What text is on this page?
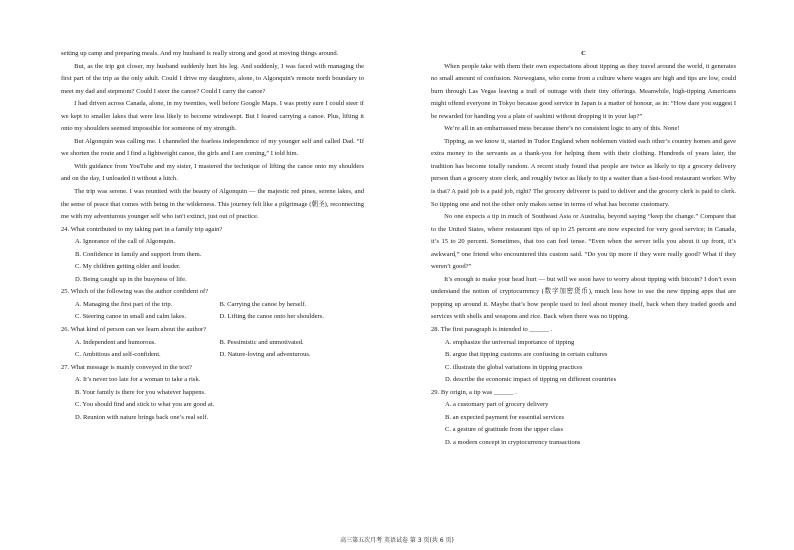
setting up camp and preparing meals. And my husband is really strong and good at moving things around.

But, as the trip got closer, my husband suddenly hurt his leg. And suddenly, I was faced with managing the first part of the trip as the only adult. Could I drive my daughters, alone, to Algonquin's remote north boundary to meet my dad and stepmom? Could I steer the canoe? Could I carry the canoe?

I had driven across Canada, alone, in my twenties, well before Google Maps. I was pretty sure I could steer if we kept to smaller lakes that were less likely to become windswept. But I feared carrying a canoe. Plus, lifting it onto my shoulders seemed impossible for someone of my strength.

But Algonquin was calling me. I channeled the fearless independence of my younger self and called Dad. “If we shorten the route and I find a lightweight canoe, the girls and I are coming,” I told him.

With guidance from YouTube and my sister, I mastered the technique of lifting the canoe onto my shoulders and on the day, I unloaded it without a hitch.

The trip was serene. I was reunited with the beauty of Algonquin — the majestic red pines, serene lakes, and the sense of peace that comes with being in the wilderness. This journey felt like a pilgrimage (朝圣), reconnecting me with my adventurous younger self who isn't extinct, just out of practice.

24. What contributed to my taking part in a family trip again?

A. Ignorance of the call of Algonquin.

B. Confidence in family and support from them.

C. My children getting older and louder.

D. Being caught up in the busyness of life.

25. Which of the following was the author confident of?

A. Managing the first part of the trip.	B. Carrying the canoe by herself.
C. Steering canoe in small and calm lakes.	D. Lifting the canoe onto her shoulders.

26. What kind of person can we learn about the author?

A. Independent and humorous.	B. Pessimistic and unmotivated.
C. Ambitious and self-confident.	D. Nature-loving and adventurous.

27. What message is mainly conveyed in the text?

A. It’s never too late for a woman to take a risk.

B. Your family is there for you whatever happens.

C. You should find and stick to what you are good at.

D. Reunion with nature brings back one’s real self.

C

When people take with them their own expectations about tipping as they travel around the world, it generates no small amount of confusion. Norwegians, who come from a culture where wages are high and tips are low, could burn through Las Vegas leaving a trail of outrage with their tiny offerings. Meanwhile, high-tipping Americans might offend everyone in Tokyo because good service in Japan is a matter of honour, as in: “How dare you suggest I be rewarded for handing you a plate of sashimi without dropping it in your lap?”

We’re all in an embarrassed mess because there’s no consistent logic to any of this. None!

Tipping, as we know it, started in Tudor England when noblemen visited each other’s country homes and gave extra money to the servants as a thank-you for helping them with their clothing. Hundreds of years later, the tradition has become totally random. A recent study found that people are twice as likely to tip a grocery delivery person than a grocery store clerk, and roughly twice as likely to tip a waiter than a fast-food restaurant worker. Why is that? A paid job is a paid job, right? The grocery deliverer is paid to deliver and the grocery clerk is paid to clerk. So tipping one and not the other only makes sense in terms of what has become customary.

No one expects a tip in much of Southeast Asia or Australia, beyond saying “keep the change.” Compare that to the United States, where restaurant tips of up to 25 percent are now expected for very good service; in Canada, it’s 15 to 20 percent. Sometimes, that too can feel tense. “Even when the server tells you about it up front, it’s awkward,” one friend who encountered this custom said. “Do you tip more if they were really good? What if they weren’t good?”

It’s enough to make your head hurt — but will we soon have to worry about tipping with bitcoin? I don’t even understand the notion of cryptocurrency (数字加密货币), much less how to use the new tipping apps that are popping up around it. Maybe that’s how people used to feel about money itself, back when they traded goods and services with shells and weapons and rice. Back when there was no tipping.

28. The first paragraph is intended to ______ .

A. emphasize the universal importance of tipping

B. argue that tipping customs are confusing in certain cultures

C. illustrate the global variations in tipping practices

D. describe the economic impact of tipping on different countries

29. By origin, a tip was ______ .

A. a customary part of grocery delivery

B. an expected payment for essential services

C. a gesture of gratitude from the upper class

D. a modern concept in cryptocurrency transactions

高三第五次月考 英语试卷 第 3 页(共 6 页)
